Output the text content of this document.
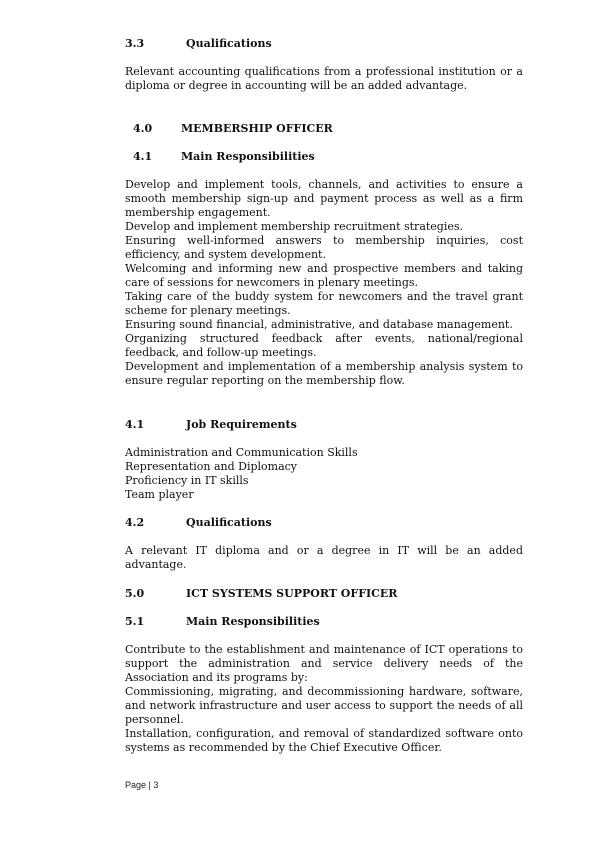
3.3	Qualifications

Relevant accounting qualifications from a professional institution or a diploma or degree in accounting will be an added advantage.

4.0	MEMBERSHIP OFFICER
4.1	Main Responsibilities

Develop and implement tools, channels, and activities to ensure a smooth membership sign-up and payment process as well as a firm membership engagement.

Develop and implement membership recruitment strategies.

Ensuring well-informed answers to membership inquiries, cost efficiency, and system development.

Welcoming and informing new and prospective members and taking care of sessions for newcomers in plenary meetings.

Taking care of the buddy system for newcomers and the travel grant scheme for plenary meetings.

Ensuring sound financial, administrative, and database management.

Organizing structured feedback after events, national/regional feedback, and follow-up meetings.

Development and implementation of a membership analysis system to ensure regular reporting on the membership flow.

4.1	Job Requirements

Administration and Communication Skills

Representation and Diplomacy

Proficiency in IT skills

Team player

4.2	Qualifications

A relevant IT diploma and or a degree in IT will be an added advantage.

5.0	ICT SYSTEMS SUPPORT OFFICER
5.1	Main Responsibilities

Contribute to the establishment and maintenance of ICT operations to support the administration and service delivery needs of the Association and its programs by:

Commissioning, migrating, and decommissioning hardware, software, and network infrastructure and user access to support the needs of all personnel.

Installation, configuration, and removal of standardized software onto systems as recommended by the Chief Executive Officer.

Page | 3
